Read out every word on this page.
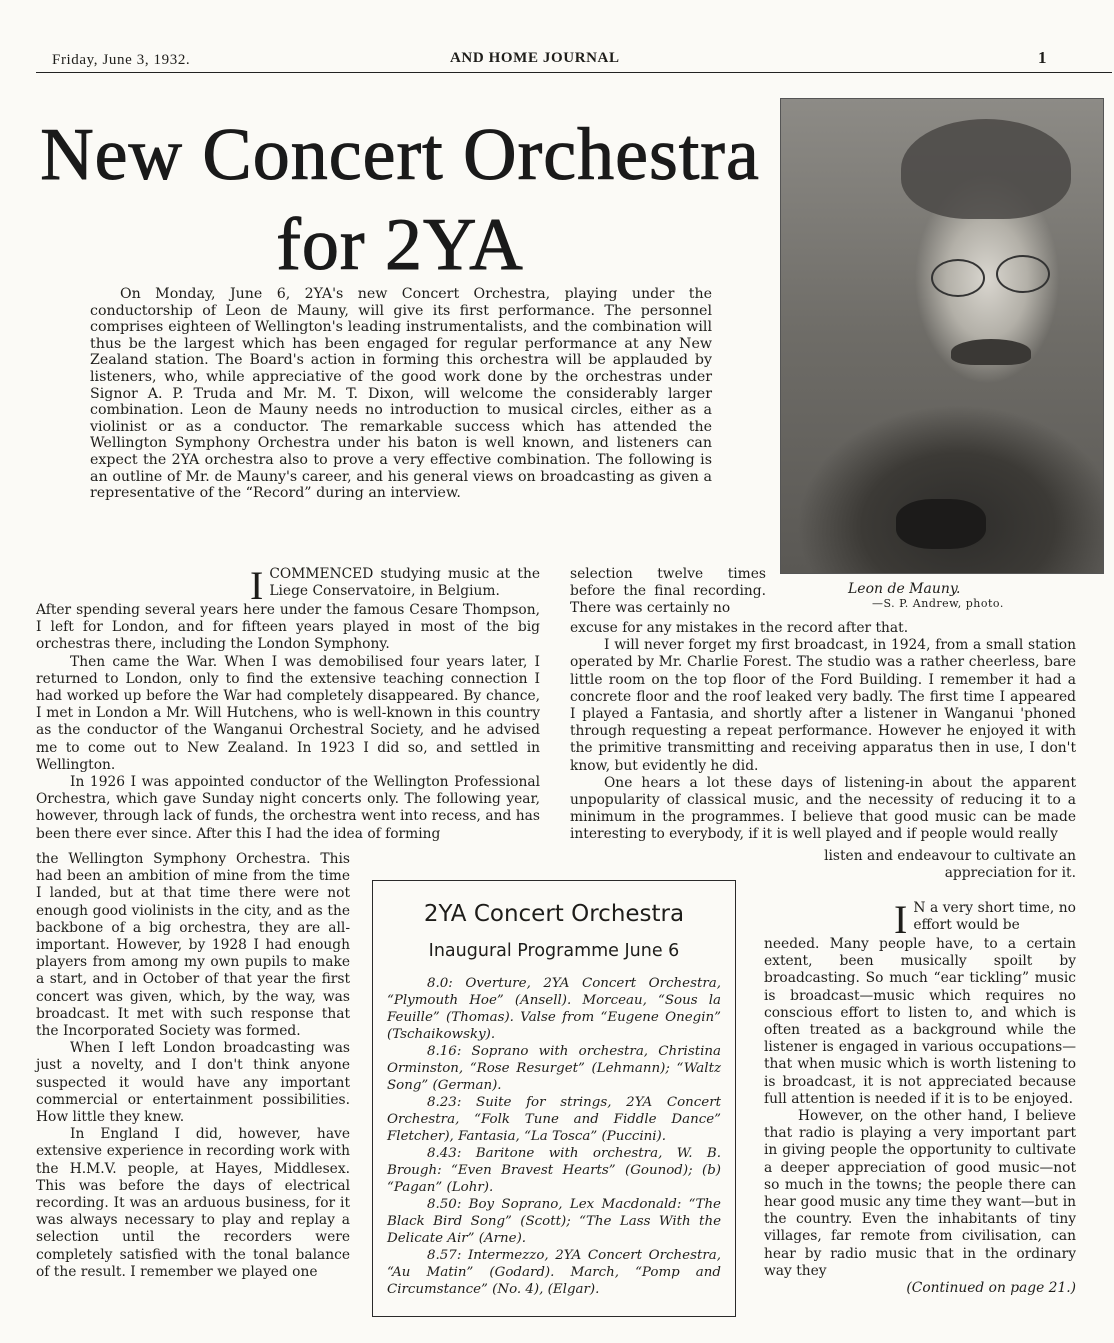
Friday, June 3, 1932.	AND HOME JOURNAL	1
New Concert Orchestra
for 2YA
Leon de Mauny.
—S. P. Andrew, photo.
On Monday, June 6, 2YA's new Concert Orchestra, playing under the conductorship of Leon de Mauny, will give its first performance. The personnel comprises eighteen of Wellington's leading instrumentalists, and the combination will thus be the largest which has been engaged for regular performance at any New Zealand station. The Board's action in forming this orchestra will be applauded by listeners, who, while appreciative of the good work done by the orchestras under Signor A. P. Truda and Mr. M. T. Dixon, will welcome the considerably larger combination. Leon de Mauny needs no introduction to musical circles, either as a violinist or as a conductor. The remarkable success which has attended the Wellington Symphony Orchestra under his baton is well known, and listeners can expect the 2YA orchestra also to prove a very effective combination. The following is an outline of Mr. de Mauny's career, and his general views on broadcasting as given a representative of the “Record” during an interview.
I COMMENCED studying music at the Liege Conservatoire, in Belgium.

After spending several years here under the famous Cesare Thompson, I left for London, and for fifteen years played in most of the big orchestras there, including the London Symphony.

Then came the War. When I was demobilised four years later, I returned to London, only to find the extensive teaching connection I had worked up before the War had completely disappeared. By chance, I met in London a Mr. Will Hutchens, who is well-known in this country as the conductor of the Wanganui Orchestral Society, and he advised me to come out to New Zealand. In 1923 I did so, and settled in Wellington.

In 1926 I was appointed conductor of the Wellington Professional Orchestra, which gave Sunday night concerts only. The following year, however, through lack of funds, the orchestra went into recess, and has been there ever since. After this I had the idea of forming

the Wellington Symphony Orchestra. This had been an ambition of mine from the time I landed, but at that time there were not enough good violinists in the city, and as the backbone of a big orchestra, they are all-important. However, by 1928 I had enough players from among my own pupils to make a start, and in October of that year the first concert was given, which, by the way, was broadcast. It met with such response that the Incorporated Society was formed.

When I left London broadcasting was just a novelty, and I don't think anyone suspected it would have any important commercial or entertainment possibilities. How little they knew.

In England I did, however, have extensive experience in recording work with the H.M.V. people, at Hayes, Middlesex. This was before the days of electrical recording. It was an arduous business, for it was always necessary to play and replay a selection until the recorders were completely satisfied with the tonal balance of the result. I remember we played one

selection twelve times before the final recording. There was certainly no

excuse for any mistakes in the record after that.

I will never forget my first broadcast, in 1924, from a small station operated by Mr. Charlie Forest. The studio was a rather cheerless, bare little room on the top floor of the Ford Building. I remember it had a concrete floor and the roof leaked very badly. The first time I appeared I played a Fantasia, and shortly after a listener in Wanganui 'phoned through requesting a repeat performance. However he enjoyed it with the primitive transmitting and receiving apparatus then in use, I don't know, but evidently he did.

One hears a lot these days of listening-in about the apparent unpopularity of classical music, and the necessity of reducing it to a minimum in the programmes. I believe that good music can be made interesting to everybody, if it is well played and if people would really

listen and endeavour to cultivate an appreciation for it.

I N a very short time, no effort would be

needed. Many people have, to a certain extent, been musically spoilt by broadcasting. So much “ear tickling” music is broadcast—music which requires no conscious effort to listen to, and which is often treated as a background while the listener is engaged in various occupations—that when music which is worth listening to is broadcast, it is not appreciated because full attention is needed if it is to be enjoyed.

However, on the other hand, I believe that radio is playing a very important part in giving people the opportunity to cultivate a deeper appreciation of good music—not so much in the towns; the people there can hear good music any time they want—but in the country. Even the inhabitants of tiny villages, far remote from civilisation, can hear by radio music that in the ordinary way they

(Continued on page 21.)

2YA Concert Orchestra
Inaugural Programme June 6

8.0: Overture, 2YA Concert Orchestra, “Plymouth Hoe” (Ansell). Morceau, “Sous la Feuille” (Thomas). Valse from “Eugene Onegin” (Tschaikowsky).

8.16: Soprano with orchestra, Christina Orminston, “Rose Resurget” (Lehmann); “Waltz Song” (German).

8.23: Suite for strings, 2YA Concert Orchestra, “Folk Tune and Fiddle Dance” Fletcher), Fantasia, “La Tosca” (Puccini).

8.43: Baritone with orchestra, W. B. Brough: “Even Bravest Hearts” (Gounod); (b) “Pagan” (Lohr).

8.50: Boy Soprano, Lex Macdonald: “The Black Bird Song” (Scott); “The Lass With the Delicate Air” (Arne).

8.57: Intermezzo, 2YA Concert Orchestra, “Au Matin” (Godard). March, “Pomp and Circumstance” (No. 4), (Elgar).
